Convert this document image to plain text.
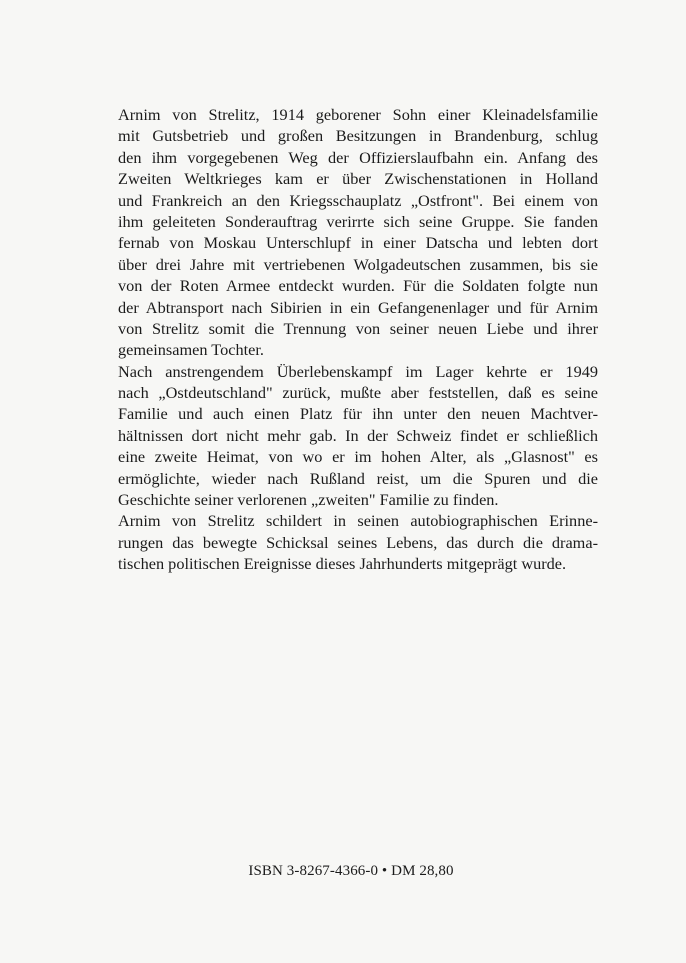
Arnim von Strelitz, 1914 geborener Sohn einer Kleinadelsfamilie
mit Gutsbetrieb und großen Besitzungen in Brandenburg, schlug
den ihm vorgegebenen Weg der Offizierslaufbahn ein. Anfang des
Zweiten Weltkrieges kam er über Zwischenstationen in Holland
und Frankreich an den Kriegsschauplatz „Ostfront". Bei einem von
ihm geleiteten Sonderauftrag verirrte sich seine Gruppe. Sie fanden
fernab von Moskau Unterschlupf in einer Datscha und lebten dort
über drei Jahre mit vertriebenen Wolgadeutschen zusammen, bis sie
von der Roten Armee entdeckt wurden. Für die Soldaten folgte nun
der Abtransport nach Sibirien in ein Gefangenenlager und für Arnim
von Strelitz somit die Trennung von seiner neuen Liebe und ihrer
gemeinsamen Tochter.
Nach anstrengendem Überlebenskampf im Lager kehrte er 1949
nach „Ostdeutschland" zurück, mußte aber feststellen, daß es seine
Familie und auch einen Platz für ihn unter den neuen Machtver-
hältnissen dort nicht mehr gab. In der Schweiz findet er schließlich
eine zweite Heimat, von wo er im hohen Alter, als „Glasnost" es
ermöglichte, wieder nach Rußland reist, um die Spuren und die
Geschichte seiner verlorenen „zweiten" Familie zu finden.
Arnim von Strelitz schildert in seinen autobiographischen Erinne-
rungen das bewegte Schicksal seines Lebens, das durch die drama-
tischen politischen Ereignisse dieses Jahrhunderts mitgeprägt wurde.
ISBN 3-8267-4366-0 • DM 28,80
